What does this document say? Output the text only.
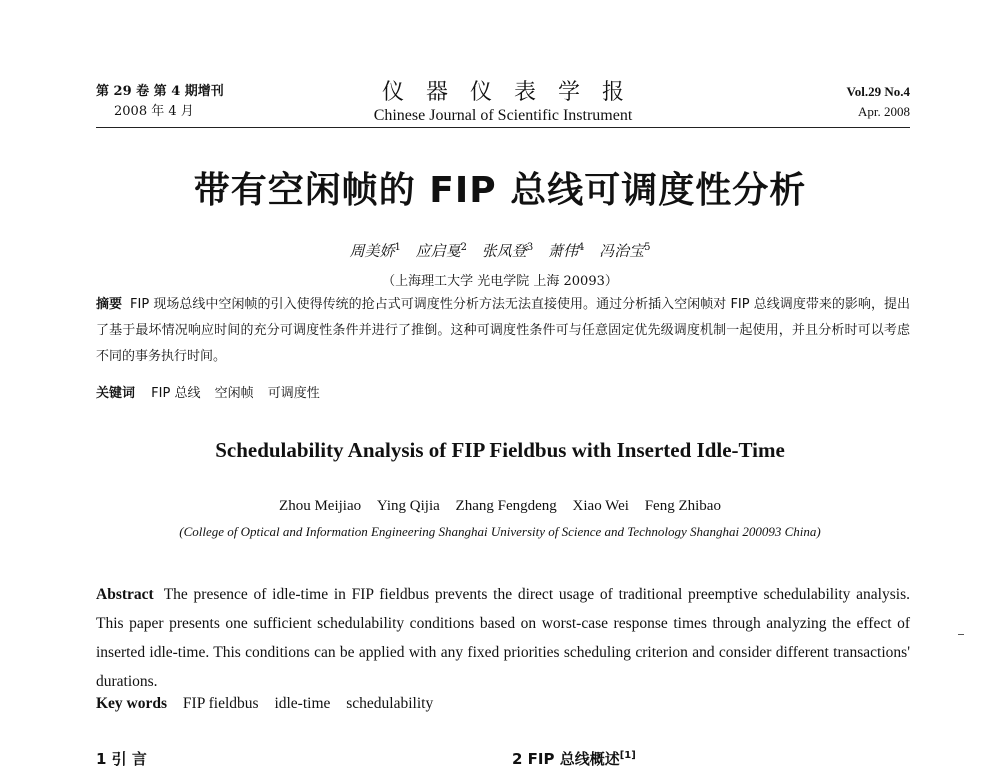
第 29 卷 第 4 期增刊
2008 年 4 月
仪器仪表学报
Chinese Journal of Scientific Instrument
Vol.29 No.4
Apr. 2008
带有空闲帧的 FIP 总线可调度性分析
周美娇$^1$ 应启戛$^2$ 张凤登$^3$ 萧伟$^4$ 冯治宝$^5$
（上海理工大学 光电学院 上海 20093）
摘要 FIP 现场总线中空闲帧的引入使得传统的抢占式可调度性分析方法无法直接使用。通过分析插入空闲帧对 FIP 总线调度带来的影响，提出了基于最坏情况响应时间的充分可调度性条件并进行了推倒。这种可调度性条件可与任意固定优先级调度机制一起使用，并且分析时可以考虑不同的事务执行时间。
关键词 FIP 总线 空闲帧 可调度性
Schedulability Analysis of FIP Fieldbus with Inserted Idle-Time
Zhou Meijiao Ying Qijia Zhang Fengdeng Xiao Wei Feng Zhibao
(College of Optical and Information Engineering Shanghai University of Science and Technology Shanghai 200093 China)
Abstract The presence of idle-time in FIP fieldbus prevents the direct usage of traditional preemptive schedulability analysis. This paper presents one sufficient schedulability conditions based on worst-case response times through analyzing the effect of inserted idle-time. This conditions can be applied with any fixed priorities scheduling criterion and consider different transactions' durations.
Key words FIP fieldbus idle-time schedulability
1 引 言	2 FIP 总线概述[1]
